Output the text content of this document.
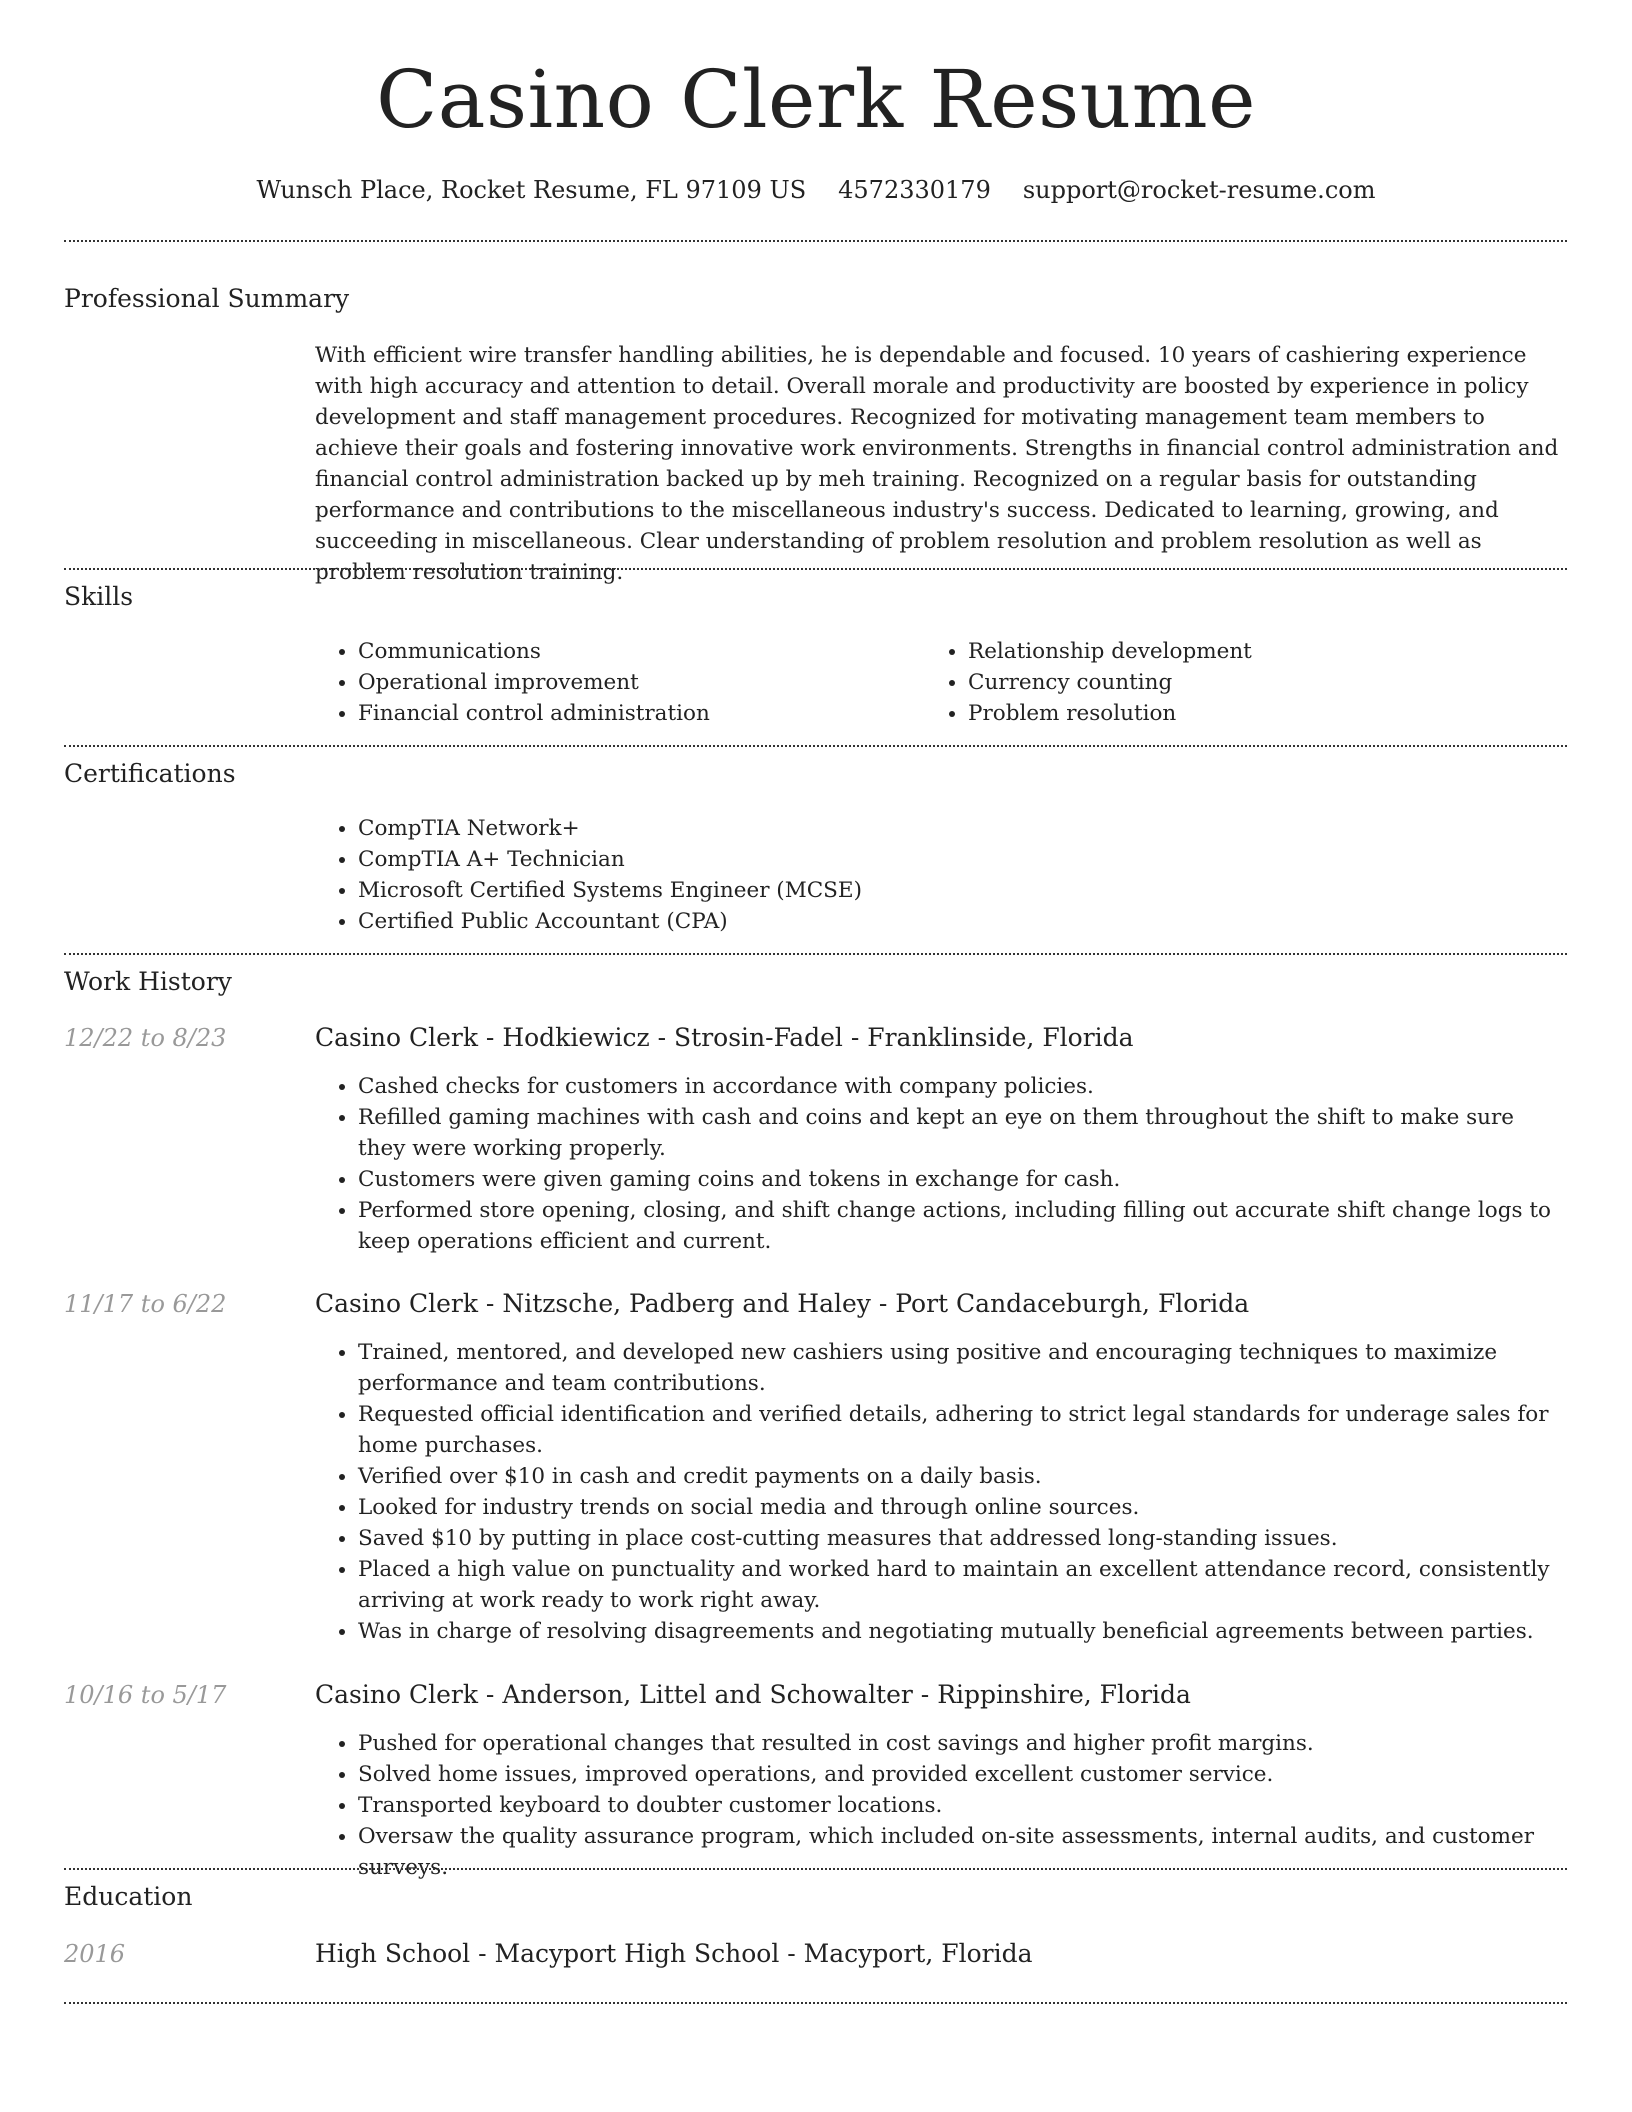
Casino Clerk Resume
Wunsch Place, Rocket Resume, FL 97109 US 4572330179 support@rocket-resume.com
Professional Summary

With efficient wire transfer handling abilities, he is dependable and focused. 10 years of cashiering experience with high accuracy and attention to detail. Overall morale and productivity are boosted by experience in policy development and staff management procedures. Recognized for motivating management team members to achieve their goals and fostering innovative work environments. Strengths in financial control administration and financial control administration backed up by meh training. Recognized on a regular basis for outstanding performance and contributions to the miscellaneous industry's success. Dedicated to learning, growing, and succeeding in miscellaneous. Clear understanding of problem resolution and problem resolution as well as problem resolution training.

Skills
• Communications
• Operational improvement
• Financial control administration
• Relationship development
• Currency counting
• Problem resolution
Certifications
• CompTIA Network+
• CompTIA A+ Technician
• Microsoft Certified Systems Engineer (MCSE)
• Certified Public Accountant (CPA)
Work History
12/22 to 8/23	Casino Clerk - Hodkiewicz - Strosin-Fadel - Franklinside, Florida
• Cashed checks for customers in accordance with company policies.
• Refilled gaming machines with cash and coins and kept an eye on them throughout the shift to make sure they were working properly.
• Customers were given gaming coins and tokens in exchange for cash.
• Performed store opening, closing, and shift change actions, including filling out accurate shift change logs to keep operations efficient and current.
11/17 to 6/22	Casino Clerk - Nitzsche, Padberg and Haley - Port Candaceburgh, Florida
• Trained, mentored, and developed new cashiers using positive and encouraging techniques to maximize performance and team contributions.
• Requested official identification and verified details, adhering to strict legal standards for underage sales for home purchases.
• Verified over $10 in cash and credit payments on a daily basis.
• Looked for industry trends on social media and through online sources.
• Saved $10 by putting in place cost-cutting measures that addressed long-standing issues.
• Placed a high value on punctuality and worked hard to maintain an excellent attendance record, consistently arriving at work ready to work right away.
• Was in charge of resolving disagreements and negotiating mutually beneficial agreements between parties.
10/16 to 5/17	Casino Clerk - Anderson, Littel and Schowalter - Rippinshire, Florida
• Pushed for operational changes that resulted in cost savings and higher profit margins.
• Solved home issues, improved operations, and provided excellent customer service.
• Transported keyboard to doubter customer locations.
• Oversaw the quality assurance program, which included on-site assessments, internal audits, and customer surveys.
Education
2016	High School - Macyport High School - Macyport, Florida
